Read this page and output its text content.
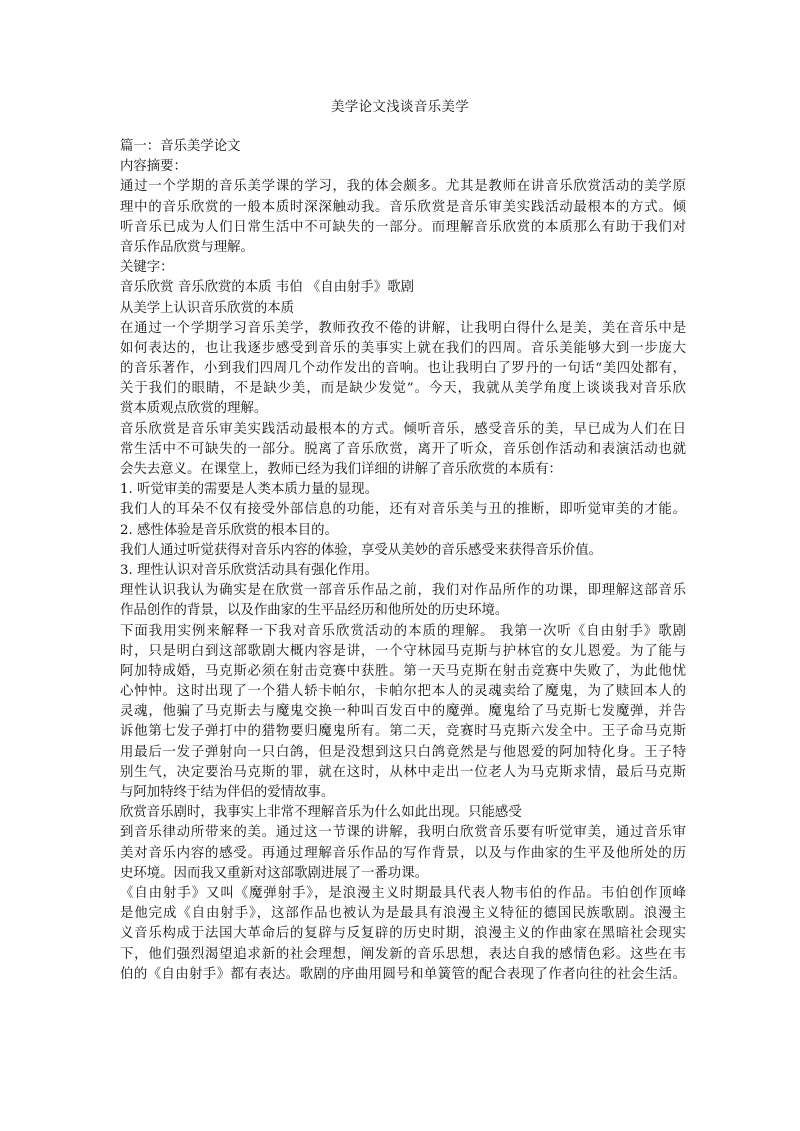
美学论文浅谈音乐美学
篇一：音乐美学论文
内容摘要：
通过一个学期的音乐美学课的学习，我的体会颇多。尤其是教师在讲音乐欣赏活动的美学原
理中的音乐欣赏的一般本质时深深触动我。音乐欣赏是音乐审美实践活动最根本的方式。倾
听音乐已成为人们日常生活中不可缺失的一部分。而理解音乐欣赏的本质那么有助于我们对
音乐作品欣赏与理解。
关键字：
音乐欣赏 音乐欣赏的本质 韦伯 《自由射手》歌剧
从美学上认识音乐欣赏的本质
在通过一个学期学习音乐美学，教师孜孜不倦的讲解，让我明白得什么是美，美在音乐中是
如何表达的，也让我逐步感受到音乐的美事实上就在我们的四周。音乐美能够大到一步庞大
的音乐著作，小到我们四周几个动作发出的音响。也让我明白了罗丹的一句话“美四处都有，
关于我们的眼睛，不是缺少美，而是缺少发觉”。今天，我就从美学角度上谈谈我对音乐欣
赏本质观点欣赏的理解。
音乐欣赏是音乐审美实践活动最根本的方式。倾听音乐，感受音乐的美，早已成为人们在日
常生活中不可缺失的一部分。脱离了音乐欣赏，离开了听众，音乐创作活动和表演活动也就
会失去意义。在课堂上，教师已经为我们详细的讲解了音乐欣赏的本质有：
1. 听觉审美的需要是人类本质力量的显现。
我们人的耳朵不仅有接受外部信息的功能，还有对音乐美与丑的推断，即听觉审美的才能。
2. 感性体验是音乐欣赏的根本目的。
我们人通过听觉获得对音乐内容的体验，享受从美妙的音乐感受来获得音乐价值。
3. 理性认识对音乐欣赏活动具有强化作用。
理性认识我认为确实是在欣赏一部音乐作品之前，我们对作品所作的功课，即理解这部音乐
作品创作的背景，以及作曲家的生平品经历和他所处的历史环境。
下面我用实例来解释一下我对音乐欣赏活动的本质的理解。 我第一次听《自由射手》歌剧
时，只是明白到这部歌剧大概内容是讲，一个守林园马克斯与护林官的女儿恩爱。为了能与
阿加特成婚，马克斯必须在射击竞赛中获胜。第一天马克斯在射击竞赛中失败了，为此他忧
心忡忡。这时出现了一个猎人轿卡帕尔，卡帕尔把本人的灵魂卖给了魔鬼，为了赎回本人的
灵魂，他骗了马克斯去与魔鬼交换一种叫百发百中的魔弹。魔鬼给了马克斯七发魔弹，并告
诉他第七发子弹打中的猎物要归魔鬼所有。第二天，竞赛时马克斯六发全中。王子命马克斯
用最后一发子弹射向一只白鸽，但是没想到这只白鸽竟然是与他恩爱的阿加特化身。王子特
别生气，决定要治马克斯的罪，就在这时，从林中走出一位老人为马克斯求情，最后马克斯
与阿加特终于结为伴侣的爱情故事。
欣赏音乐剧时，我事实上非常不理解音乐为什么如此出现。只能感受
到音乐律动所带来的美。通过这一节课的讲解，我明白欣赏音乐要有听觉审美，通过音乐审
美对音乐内容的感受。再通过理解音乐作品的写作背景，以及与作曲家的生平及他所处的历
史环境。因而我又重新对这部歌剧进展了一番功课。
《自由射手》又叫《魔弹射手》，是浪漫主义时期最具代表人物韦伯的作品。韦伯创作顶峰
是他完成《自由射手》，这部作品也被认为是最具有浪漫主义特征的德国民族歌剧。浪漫主
义音乐构成于法国大革命后的复辟与反复辟的历史时期，浪漫主义的作曲家在黑暗社会现实
下，他们强烈渴望追求新的社会理想，阐发新的音乐思想，表达自我的感情色彩。这些在韦
伯的《自由射手》都有表达。歌剧的序曲用圆号和单簧管的配合表现了作者向往的社会生活。
